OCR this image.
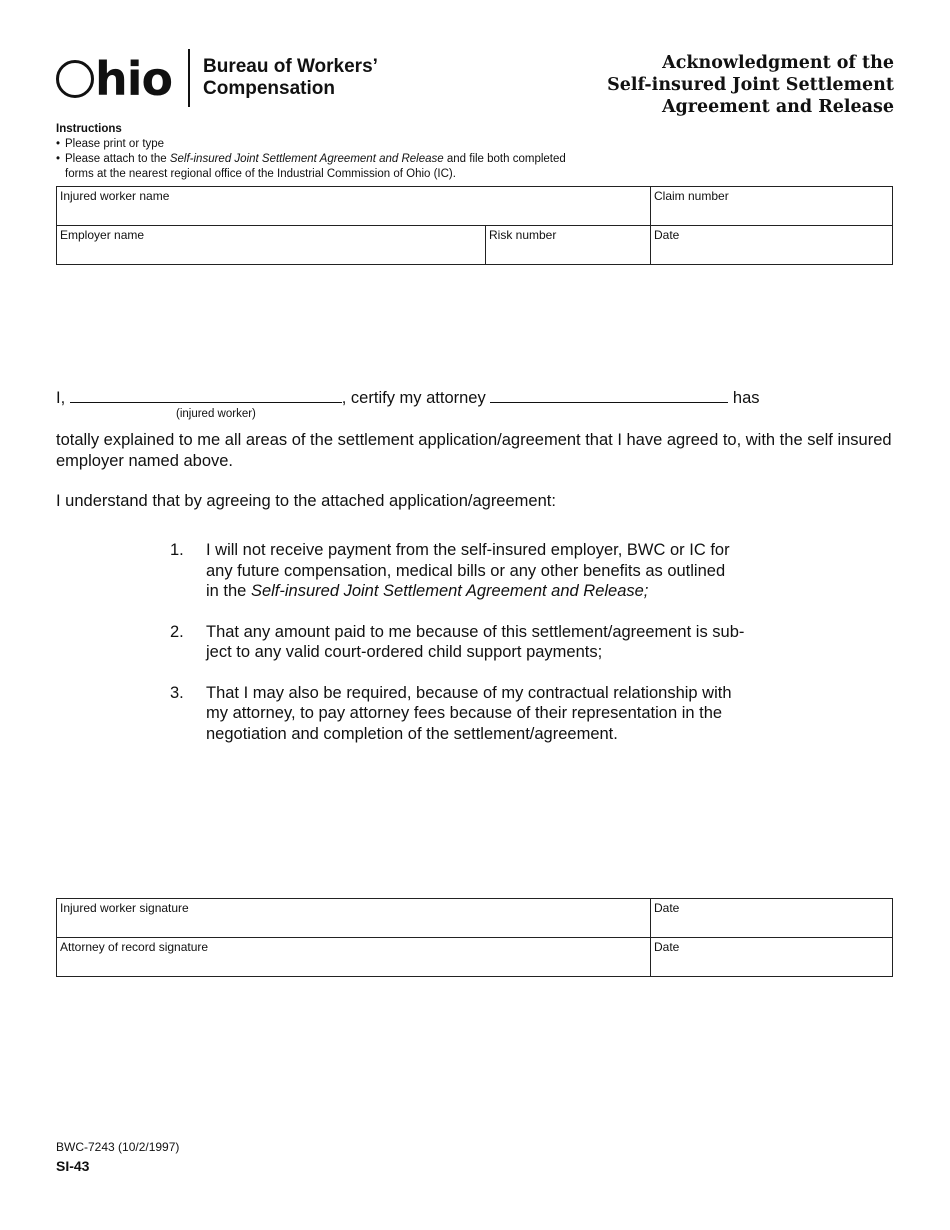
hio Bureau of Workers’
Compensation
Acknowledgment of the
Self-insured Joint Settlement
Agreement and Release
Instructions
• Please print or type
• Please attach to the Self-insured Joint Settlement Agreement and Release and file both completed
forms at the nearest regional office of the Industrial Commission of Ohio (IC).
Injured worker name	Claim number
Employer name	Risk number	Date
I,	, certify my attorney	has
(injured worker)
totally explained to me all areas of the settlement application/agreement that I have agreed to, with the self insured employer named above.
I understand that by agreeing to the attached application/agreement:
1. I will not receive payment from the self-insured employer, BWC or IC for
any future compensation, medical bills or any other benefits as outlined
in the Self-insured Joint Settlement Agreement and Release;
2. That any amount paid to me because of this settlement/agreement is sub-
ject to any valid court-ordered child support payments;
3. That I may also be required, because of my contractual relationship with
my attorney, to pay attorney fees because of their representation in the
negotiation and completion of the settlement/agreement.
Injured worker signature	Date
Attorney of record signature	Date
BWC-7243 (10/2/1997)
SI-43
